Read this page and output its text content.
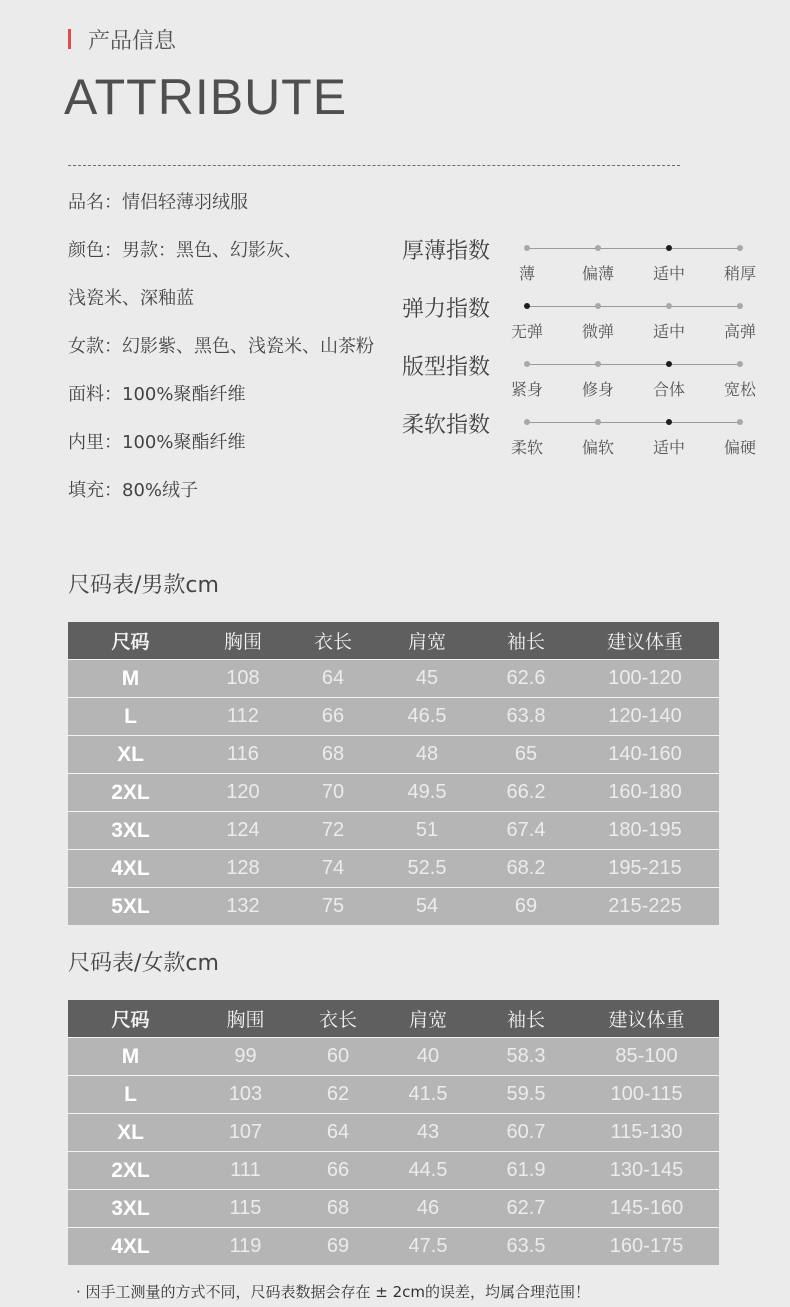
产品信息
ATTRIBUTE
品名：情侣轻薄羽绒服
颜色：男款：黑色、幻影灰、
浅瓷米、深釉蓝
女款：幻影紫、黑色、浅瓷米、山茶粉
面料：100%聚酯纤维
内里：100%聚酯纤维
填充：80%绒子
厚薄指数
薄	偏薄	适中	稍厚
弹力指数
无弹	微弹	适中	高弹
版型指数
紧身	修身	合体	宽松
柔软指数
柔软	偏软	适中	偏硬
尺码表/男款cm
尺码	胸围	衣长	肩宽	袖长	建议体重
M	108	64	45	62.6	100-120
L	112	66	46.5	63.8	120-140
XL	116	68	48	65	140-160
2XL	120	70	49.5	66.2	160-180
3XL	124	72	51	67.4	180-195
4XL	128	74	52.5	68.2	195-215
5XL	132	75	54	69	215-225
尺码表/女款cm
尺码	胸围	衣长	肩宽	袖长	建议体重
M	99	60	40	58.3	85-100
L	103	62	41.5	59.5	100-115
XL	107	64	43	60.7	115-130
2XL	111	66	44.5	61.9	130-145
3XL	115	68	46	62.7	145-160
4XL	119	69	47.5	63.5	160-175
· 因手工测量的方式不同，尺码表数据会存在 ± 2cm的误差，均属合理范围！
